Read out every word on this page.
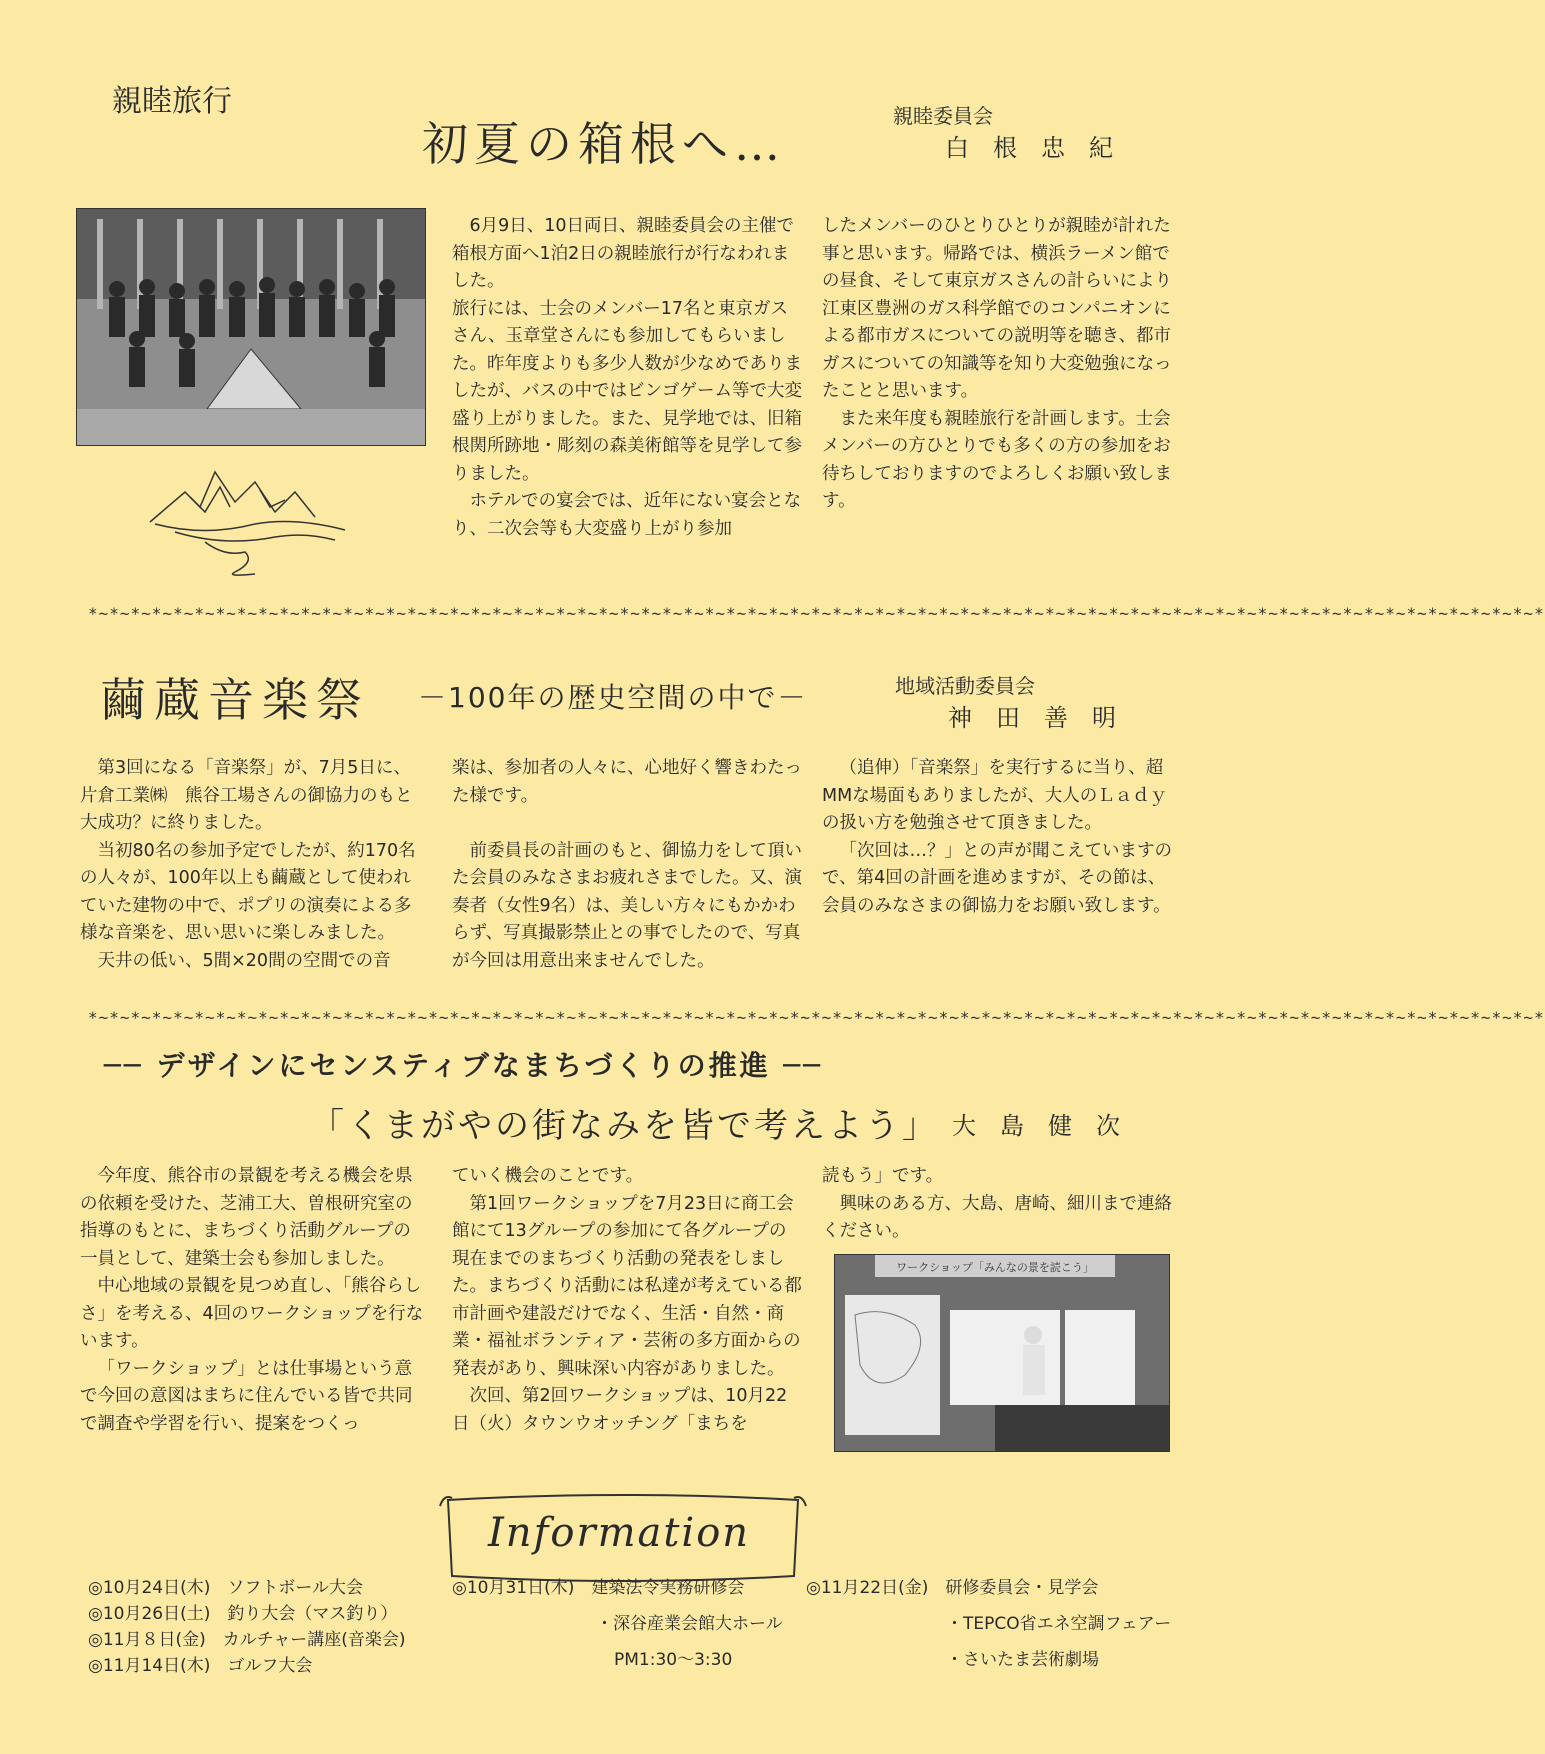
親睦旅行
初夏の箱根へ…
親睦委員会
白　根　忠　紀

6月9日、10日両日、親睦委員会の主催で箱根方面へ1泊2日の親睦旅行が行なわれました。

旅行には、士会のメンバー17名と東京ガスさん、玉章堂さんにも参加してもらいました。昨年度よりも多少人数が少なめでありましたが、バスの中ではビンゴゲーム等で大変盛り上がりました。また、見学地では、旧箱根関所跡地・彫刻の森美術館等を見学して参りました。

ホテルでの宴会では、近年にない宴会となり、二次会等も大変盛り上がり参加

したメンバーのひとりひとりが親睦が計れた事と思います。帰路では、横浜ラーメン館での昼食、そして東京ガスさんの計らいにより江東区豊洲のガス科学館でのコンパニオンによる都市ガスについての説明等を聴き、都市ガスについての知識等を知り大変勉強になったことと思います。

また来年度も親睦旅行を計画します。士会メンバーの方ひとりでも多くの方の参加をお待ちしておりますのでよろしくお願い致します。

*~*~*~*~*~*~*~*~*~*~*~*~*~*~*~*~*~*~*~*~*~*~*~*~*~*~*~*~*~*~*~*~*~*~*~*~*~*~*~*~*~*~*~*~*~*~*~*~*~*~*~*~*~*~*~*~*~*~*~*~*~*~*~*~*~*~*~*~*
繭蔵音楽祭 －100年の歴史空間の中で－	地域活動委員会
神　田　善　明

第3回になる「音楽祭」が、7月5日に、片倉工業㈱　熊谷工場さんの御協力のもと大成功？に終りました。

当初80名の参加予定でしたが、約170名の人々が、100年以上も繭蔵として使われていた建物の中で、ポプリの演奏による多様な音楽を、思い思いに楽しみました。

天井の低い、5間×20間の空間での音

楽は、参加者の人々に、心地好く響きわたった様です。

前委員長の計画のもと、御協力をして頂いた会員のみなさまお疲れさまでした。又、演奏者（女性9名）は、美しい方々にもかかわらず、写真撮影禁止との事でしたので、写真が今回は用意出来ませんでした。

（追伸）「音楽祭」を実行するに当り、超MMな場面もありましたが、大人のＬａｄｙの扱い方を勉強させて頂きました。

「次回は…？」との声が聞こえていますので、第4回の計画を進めますが、その節は、会員のみなさまの御協力をお願い致します。

*~*~*~*~*~*~*~*~*~*~*~*~*~*~*~*~*~*~*~*~*~*~*~*~*~*~*~*~*~*~*~*~*~*~*~*~*~*~*~*~*~*~*~*~*~*~*~*~*~*~*~*~*~*~*~*~*~*~*~*~*~*~*~*~*~*~*~*~*
── デザインにセンスティブなまちづくりの推進 ──
「くまがやの街なみを皆で考えよう」 大　島　健　次

今年度、熊谷市の景観を考える機会を県の依頼を受けた、芝浦工大、曽根研究室の指導のもとに、まちづくり活動グループの一員として、建築士会も参加しました。

中心地域の景観を見つめ直し、「熊谷らしさ」を考える、4回のワークショップを行ないます。

「ワークショップ」とは仕事場という意で今回の意図はまちに住んでいる皆で共同で調査や学習を行い、提案をつくっ

ていく機会のことです。

第1回ワークショップを7月23日に商工会館にて13グループの参加にて各グループの現在までのまちづくり活動の発表をしました。まちづくり活動には私達が考えている都市計画や建設だけでなく、生活・自然・商業・福祉ボランティア・芸術の多方面からの発表があり、興味深い内容がありました。

次回、第2回ワークショップは、10月22日（火）タウンウオッチング「まちを

読もう」です。

興味のある方、大島、唐崎、細川まで連絡ください。

ワークショップ「みんなの景を読こう」
Information
◎10月24日(木)　ソフトボール大会
◎10月26日(土)　釣り大会（マス釣り）
◎11月８日(金)　カルチャー講座(音楽会)
◎11月14日(木)　ゴルフ大会
◎10月31日(木)　建築法令実務研修会
・深谷産業会館大ホール
PM1:30～3:30
◎11月22日(金)　研修委員会・見学会
・TEPCO省エネ空調フェアー
・さいたま芸術劇場
